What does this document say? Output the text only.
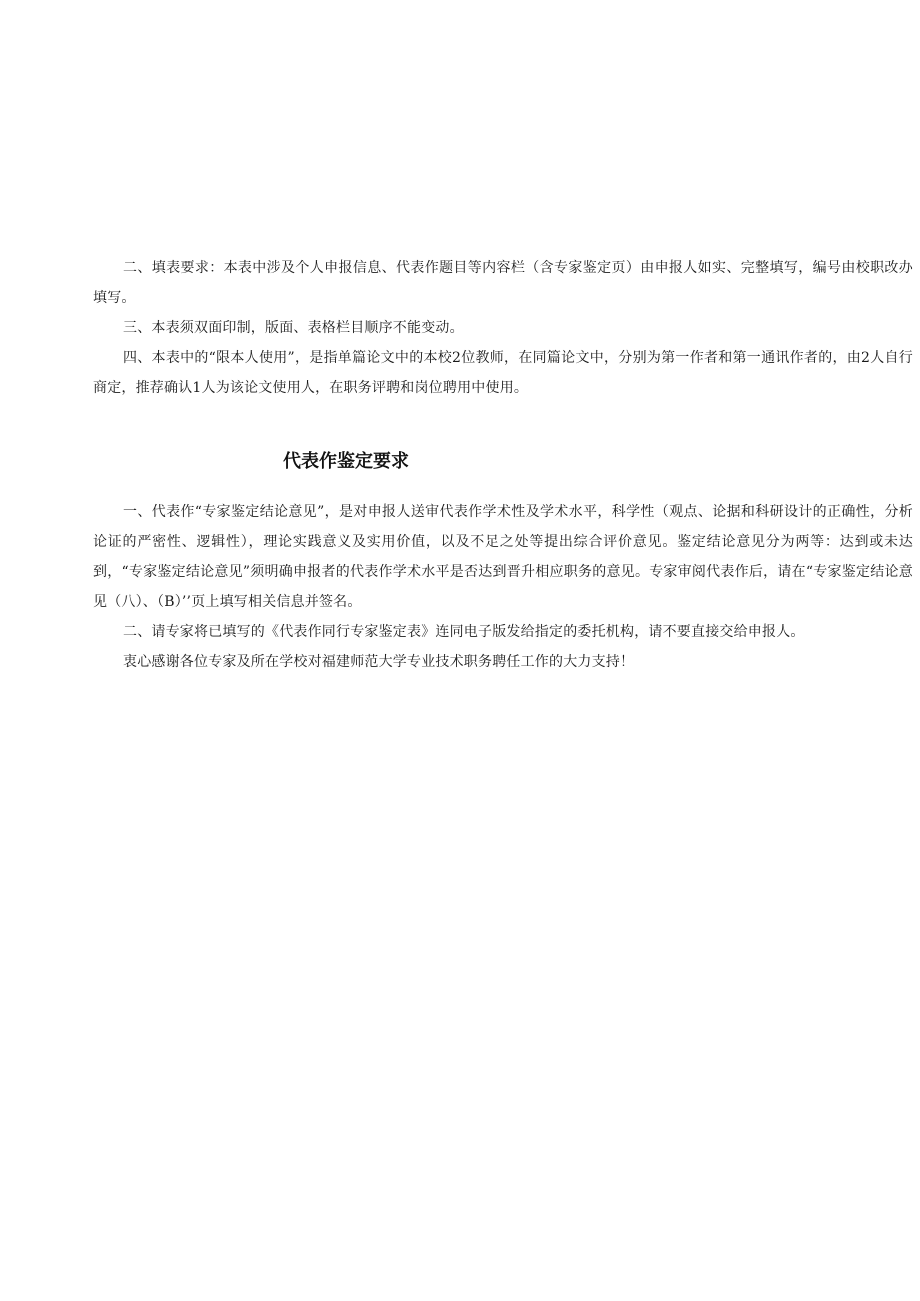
二、填表要求：本表中涉及个人申报信息、代表作题目等内容栏（含专家鉴定页）由申报人如实、完整填写，编号由校职改办填写。

三、本表须双面印制，版面、表格栏目顺序不能变动。

四、本表中的“限本人使用”，是指单篇论文中的本校2位教师，在同篇论文中，分别为第一作者和第一通讯作者的，由2人自行商定，推荐确认1人为该论文使用人，在职务评聘和岗位聘用中使用。

代表作鉴定要求

一、代表作“专家鉴定结论意见”，是对申报人送审代表作学术性及学术水平，科学性（观点、论据和科研设计的正确性，分析论证的严密性、逻辑性），理论实践意义及实用价值，以及不足之处等提出综合评价意见。鉴定结论意见分为两等：达到或未达到，“专家鉴定结论意见”须明确申报者的代表作学术水平是否达到晋升相应职务的意见。专家审阅代表作后，请在“专家鉴定结论意见（八）、（B）’’页上填写相关信息并签名。

二、请专家将已填写的《代表作同行专家鉴定表》连同电子版发给指定的委托机构，请不要直接交给申报人。

衷心感谢各位专家及所在学校对福建师范大学专业技术职务聘任工作的大力支持！
